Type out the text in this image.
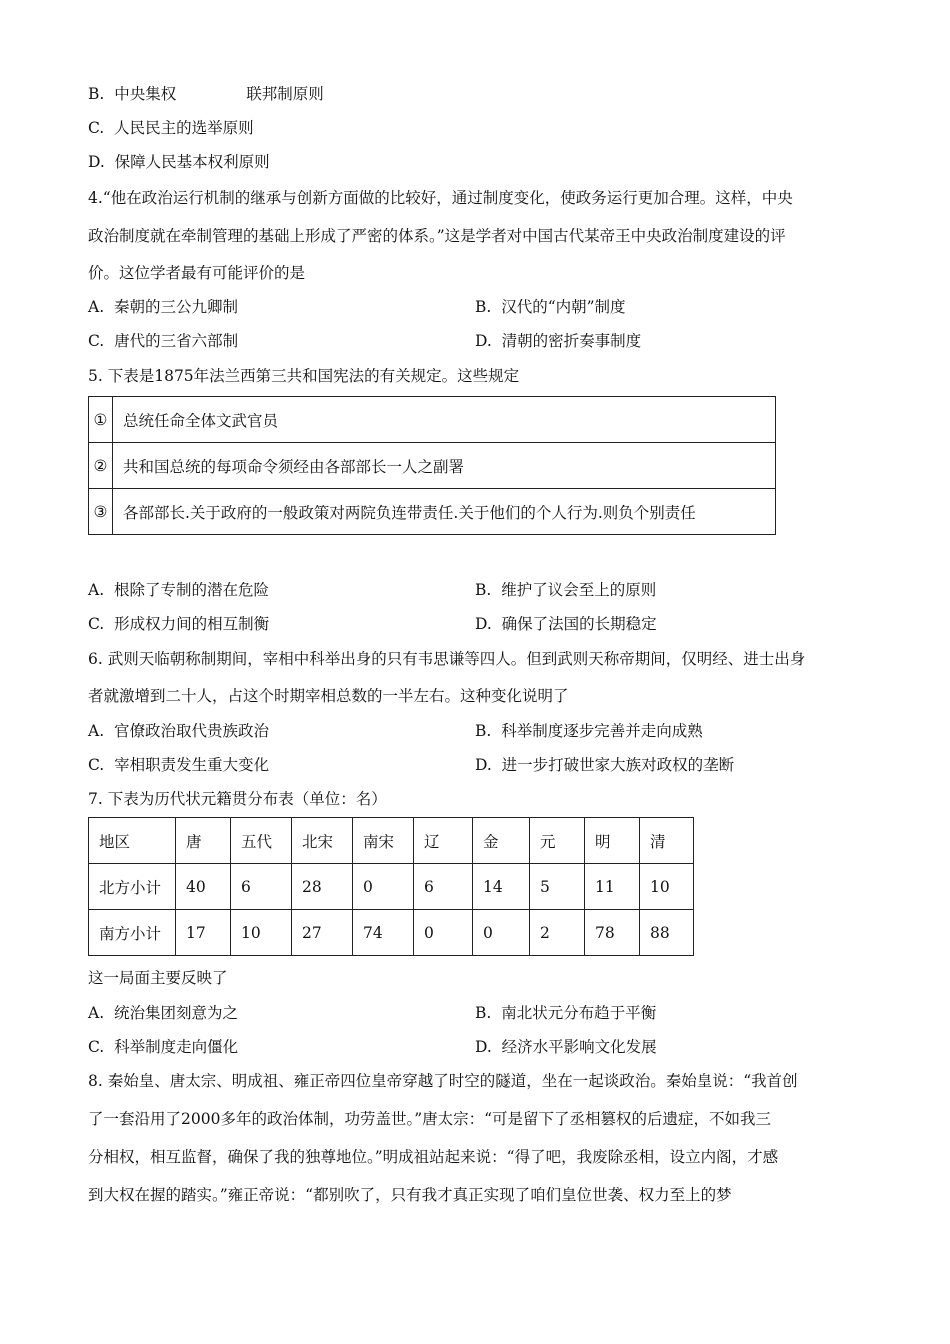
B. 中央集权	联邦制原则
C. 人民民主的选举原则
D. 保障人民基本权利原则
4.“他在政治运行机制的继承与创新方面做的比较好，通过制度变化，使政务运行更加合理。这样，中央
政治制度就在牵制管理的基础上形成了严密的体系。”这是学者对中国古代某帝王中央政治制度建设的评
价。这位学者最有可能评价的是
A. 秦朝的三公九卿制	B. 汉代的“内朝”制度
C. 唐代的三省六部制	D. 清朝的密折奏事制度
5. 下表是1875年法兰西第三共和国宪法的有关规定。这些规定
①	总统任命全体文武官员
②	共和国总统的每项命令须经由各部部长一人之副署
③	各部部长.关于政府的一般政策对两院负连带责任.关于他们的个人行为.则负个别责任
A. 根除了专制的潜在危险	B. 维护了议会至上的原则
C. 形成权力间的相互制衡	D. 确保了法国的长期稳定
6. 武则天临朝称制期间，宰相中科举出身的只有韦思谦等四人。但到武则天称帝期间，仅明经、进士出身
者就激增到二十人，占这个时期宰相总数的一半左右。这种变化说明了
A. 官僚政治取代贵族政治	B. 科举制度逐步完善并走向成熟
C. 宰相职责发生重大变化	D. 进一步打破世家大族对政权的垄断
7. 下表为历代状元籍贯分布表（单位：名）
地区	唐	五代	北宋	南宋	辽	金	元	明	清
北方小计	40	6	28	0	6	14	5	11	10
南方小计	17	10	27	74	0	0	2	78	88
这一局面主要反映了
A. 统治集团刻意为之	B. 南北状元分布趋于平衡
C. 科举制度走向僵化	D. 经济水平影响文化发展
8. 秦始皇、唐太宗、明成祖、雍正帝四位皇帝穿越了时空的隧道，坐在一起谈政治。秦始皇说：“我首创
了一套沿用了2000多年的政治体制，功劳盖世。”唐太宗：“可是留下了丞相篡权的后遗症，不如我三
分相权，相互监督，确保了我的独尊地位。”明成祖站起来说：“得了吧，我废除丞相，设立内阁，才感
到大权在握的踏实。”雍正帝说：“都别吹了，只有我才真正实现了咱们皇位世袭、权力至上的梦
